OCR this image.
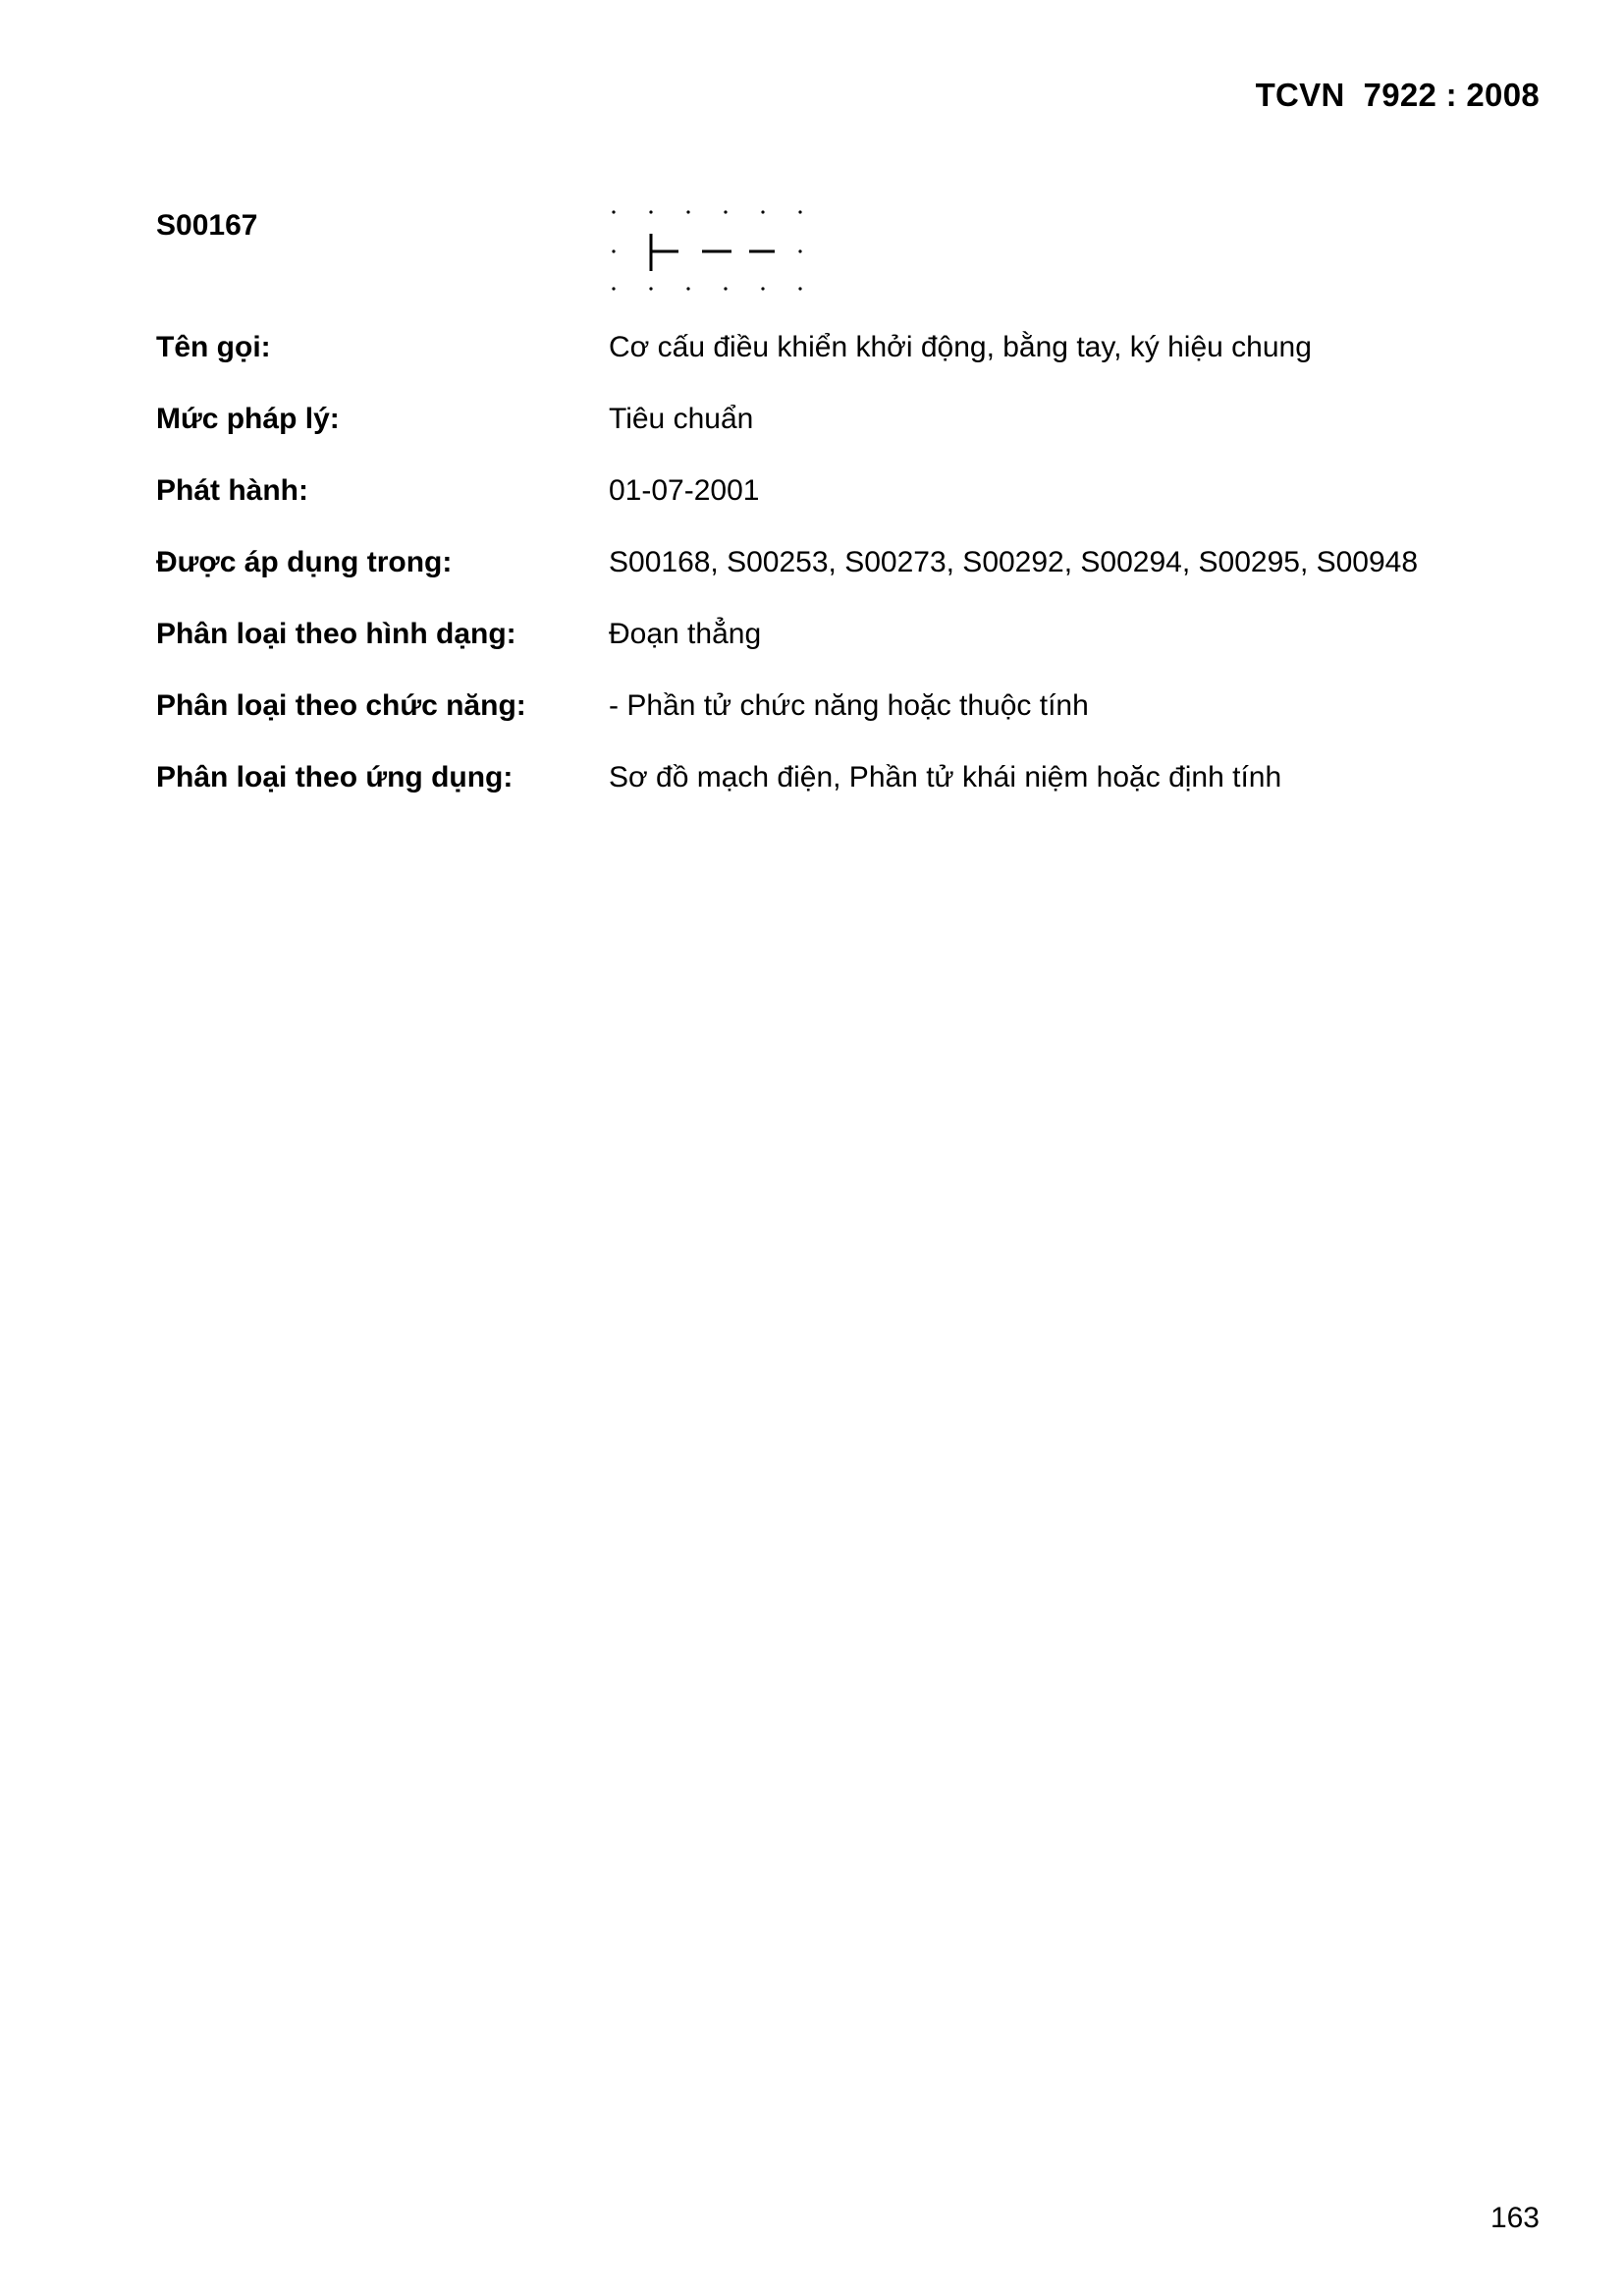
TCVN  7922 : 2008
S00167
Tên gọi:	Cơ cấu điều khiển khởi động, bằng tay, ký hiệu chung
Mức pháp lý:	Tiêu chuẩn
Phát hành:	01-07-2001
Được áp dụng trong:	S00168, S00253, S00273, S00292, S00294, S00295, S00948
Phân loại theo hình dạng:	Đoạn thẳng
Phân loại theo chức năng:	- Phần tử chức năng hoặc thuộc tính
Phân loại theo ứng dụng:	Sơ đồ mạch điện, Phần tử khái niệm hoặc định tính
163
